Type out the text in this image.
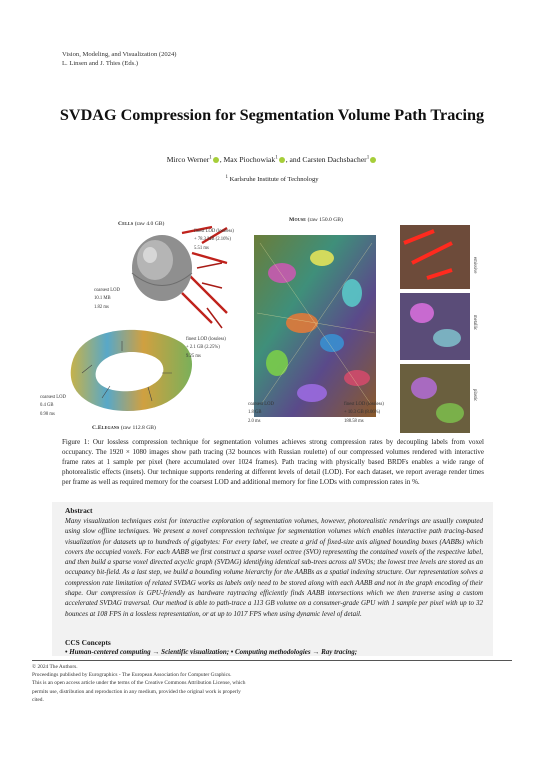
Vision, Modeling, and Visualization (2024)
L. Linsen and J. Thies (Eds.)
SVDAG Compression for Segmentation Volume Path Tracing
Mirco Werner$^1$ , Max Piochowiak$^1$ , and Carsten Dachsbacher$^1$
$^1$ Karlsruhe Institute of Technology
Cells (raw 4.0 GB)
finest LOD (lossless)
+ 78.3 MB (2.16%)
5.51 ms
coarsest LOD
10.1 MB
1.82 ms
finest LOD (lossless)
+ 2.1 GB (2.25%)
9.25 ms
coarsest LOD
0.4 GB
0.98 ms
C.Elegans (raw 112.8 GB)
Mouse (raw 150.0 GB)
coarsest LOD
1.8 GB
2.0 ms
finest LOD (lossless)
+ 10.3 GB (8.06%)
188.58 ms
emissive
metallic
plastic
Figure 1: Our lossless compression technique for segmentation volumes achieves strong compression rates by decoupling labels from voxel occupancy. The 1920 × 1080 images show path tracing (32 bounces with Russian roulette) of our compressed volumes rendered with interactive frame rates at 1 sample per pixel (here accumulated over 1024 frames). Path tracing with physically based BRDFs enables a wide range of photorealistic effects (insets). Our technique supports rendering at different levels of detail (LOD). For each dataset, we report average render times per frame as well as required memory for the coarsest LOD and additional memory for fine LODs with compression rates in %.
Abstract
Many visualization techniques exist for interactive exploration of segmentation volumes, however, photorealistic renderings are usually computed using slow offline techniques. We present a novel compression technique for segmentation volumes which enables interactive path tracing-based visualization for datasets up to hundreds of gigabytes: For every label, we create a grid of fixed-size axis aligned bounding boxes (AABBs) which covers the occupied voxels. For each AABB we first construct a sparse voxel octree (SVO) representing the contained voxels of the respective label, and then build a sparse voxel directed acyclic graph (SVDAG) identifying identical sub-trees across all SVOs; the lowest tree levels are stored as an occupancy bit-field. As a last step, we build a bounding volume hierarchy for the AABBs as a spatial indexing structure. Our representation solves a compression rate limitation of related SVDAG works as labels only need to be stored along with each AABB and not in the graph encoding of their shape. Our compression is GPU-friendly as hardware raytracing efficiently finds AABB intersections which we then traverse using a custom accelerated SVDAG traversal. Our method is able to path-trace a 113 GB volume on a consumer-grade GPU with 1 sample per pixel with up to 32 bounces at 108 FPS in a lossless representation, or at up to 1017 FPS when using dynamic level of detail.
CCS Concepts
• Human-centered computing → Scientific visualization; • Computing methodologies → Ray tracing;
© 2024 The Authors.
Proceedings published by Eurographics - The European Association for Computer Graphics.
This is an open access article under the terms of the Creative Commons Attribution License, which
permits use, distribution and reproduction in any medium, provided the original work is properly
cited.
